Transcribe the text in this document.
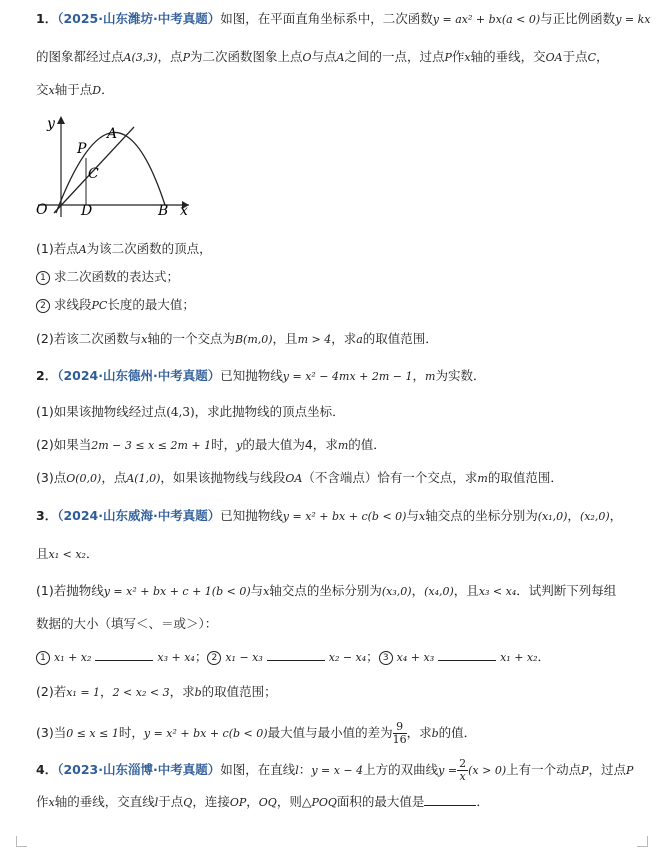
1．（2025·山东潍坊·中考真题）如图，在平面直角坐标系中，二次函数y = ax² + bx(a < 0)与正比例函数y = kx
的图象都经过点A(3,3)，点P为二次函数图象上点O与点A之间的一点，过点P作x轴的垂线，交OA于点C，
交x轴于点D．
y
A
P
C
O D	B x
(1)若点A为该二次函数的顶点，
1 求二次函数的表达式；
2 求线段PC长度的最大值；
(2)若该二次函数与x轴的一个交点为B(m,0)，且m > 4，求a的取值范围．
2．（2024·山东德州·中考真题）已知抛物线y = x² − 4mx + 2m − 1，m为实数．
(1)如果该抛物线经过点(4,3)，求此抛物线的顶点坐标．
(2)如果当2m − 3 ≤ x ≤ 2m + 1时，y的最大值为4，求m的值．
(3)点O(0,0)，点A(1,0)，如果该抛物线与线段OA（不含端点）恰有一个交点，求m的取值范围．
3．（2024·山东威海·中考真题）已知抛物线y = x² + bx + c(b < 0)与x轴交点的坐标分别为(x₁,0)，(x₂,0)，
且x₁ < x₂．
(1)若抛物线y = x² + bx + c + 1(b < 0)与x轴交点的坐标分别为(x₃,0)，(x₄,0)，且x₃ < x₄．试判断下列每组
数据的大小（填写＜、＝或＞）：
1 x₁ + x₂	x₃ + x₄； 2 x₁ − x₃	x₂ − x₄； 3 x₄ + x₃	x₁ + x₂．
(2)若x₁ = 1，2 < x₂ < 3，求b的取值范围；
(3)当0 ≤ x ≤ 1时，y = x² + bx + c(b < 0)最大值与最小值的差为 $\frac{9}{16}$ ，求b的值．
4．（2023·山东淄博·中考真题）如图，在直线l：y = x − 4上方的双曲线$y = \frac{2}{x} (x > 0)$上有一个动点P，过点P
作x轴的垂线，交直线l于点Q，连接OP，OQ，则△POQ面积的最大值是	．
